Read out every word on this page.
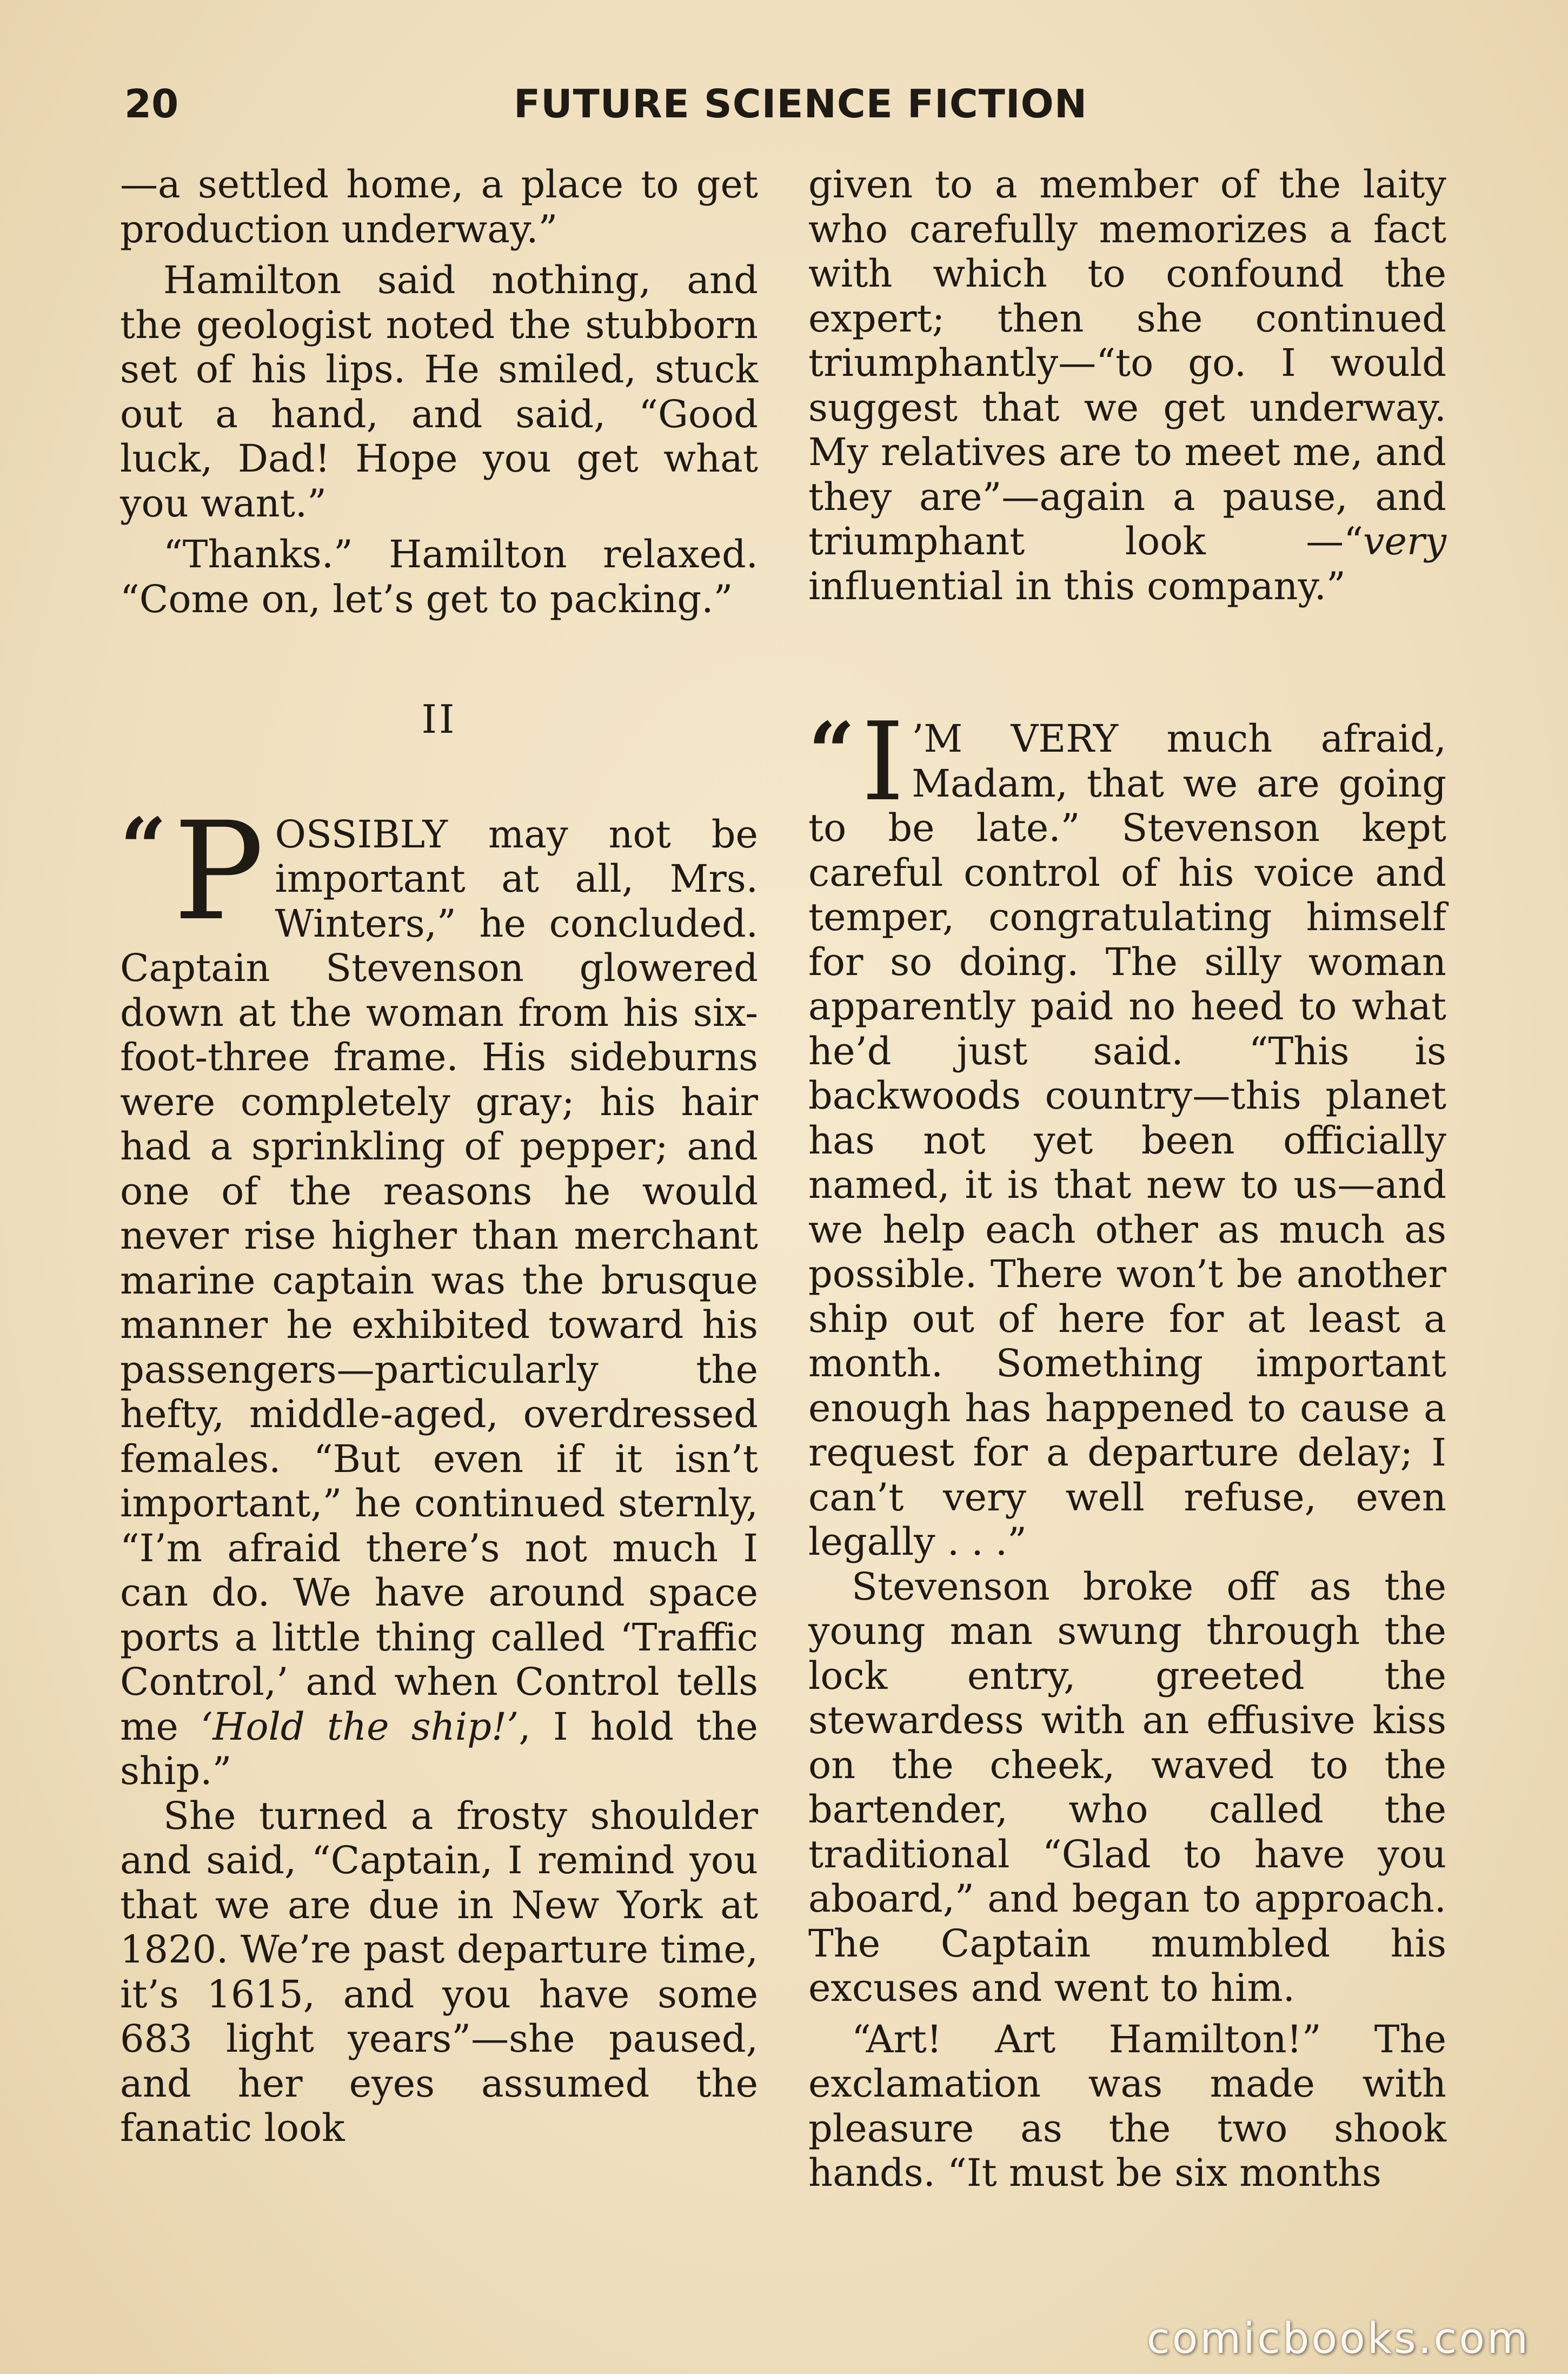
20	FUTURE SCIENCE FICTION

—a settled home, a place to get production underway.”

Hamilton said nothing, and the geologist noted the stubborn set of his lips. He smiled, stuck out a hand, and said, “Good luck, Dad! Hope you get what you want.”

“Thanks.” Hamilton relaxed. “Come on, let’s get to packing.”

II

“ P OSSIBLY may not be important at all, Mrs. Winters,” he concluded. Captain Stevenson glowered down at the woman from his six-foot-three frame. His sideburns were completely gray; his hair had a sprinkling of pepper; and one of the reasons he would never rise higher than merchant marine captain was the brusque manner he exhibited toward his passengers—particularly the hefty, middle-aged, overdressed females. “But even if it isn’t important,” he continued sternly, “I’m afraid there’s not much I can do. We have around space ports a little thing called ‘Traffic Control,’ and when Control tells me ‘Hold the ship!’, I hold the ship.”

She turned a frosty shoulder and said, “Captain, I remind you that we are due in New York at 1820. We’re past departure time, it’s 1615, and you have some 683 light years”—she paused, and her eyes assumed the fanatic look

given to a member of the laity who carefully memorizes a fact with which to confound the expert; then she continued triumphantly—“to go. I would suggest that we get underway. My relatives are to meet me, and they are”—again a pause, and triumphant look —“very influential in this company.”

“ I ’M VERY much afraid, Madam, that we are going to be late.” Stevenson kept careful control of his voice and temper, congratulating himself for so doing. The silly woman apparently paid no heed to what he’d just said. “This is backwoods country—this planet has not yet been officially named, it is that new to us—and we help each other as much as possible. There won’t be another ship out of here for at least a month. Something important enough has happened to cause a request for a departure delay; I can’t very well refuse, even legally . . .”

Stevenson broke off as the young man swung through the lock entry, greeted the stewardess with an effusive kiss on the cheek, waved to the bartender, who called the traditional “Glad to have you aboard,” and began to approach. The Captain mumbled his excuses and went to him.

“Art! Art Hamilton!” The exclamation was made with pleasure as the two shook hands. “It must be six months

comicbooks.com
